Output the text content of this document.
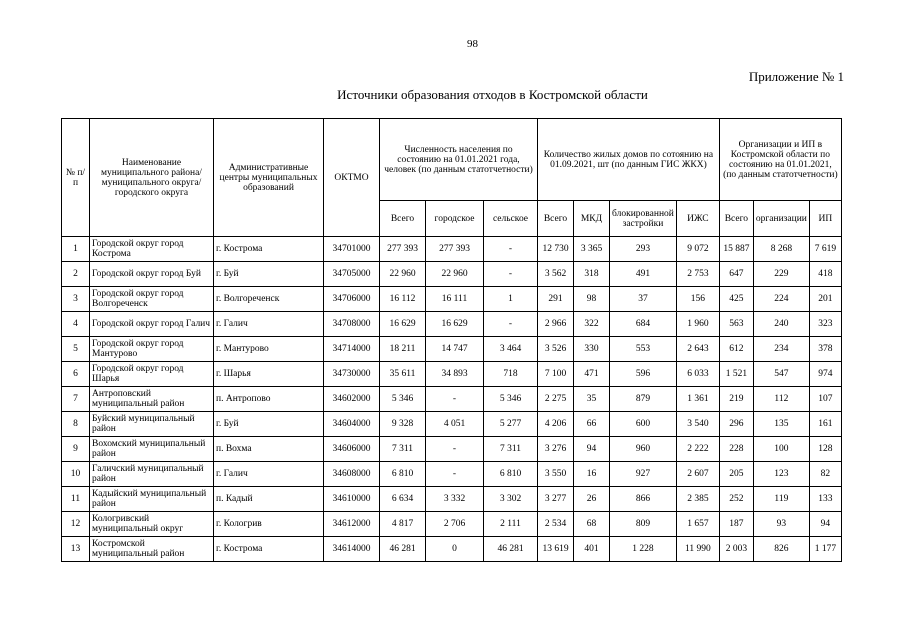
98
Приложение № 1
Источники образования отходов в Костромской области
№ п/п	Наименование муниципального района/ муниципального округа/ городского округа	Административные центры муниципальных образований	ОКТМО	Численность населения по состоянию на 01.01.2021 года, человек (по данным статотчетности)			Количество жилых домов по сотоянию на 01.09.2021, шт (по данным ГИС ЖКХ)				Организации и ИП в Костромской области по состоянию на 01.01.2021, (по данным статотчетности)		
				Всего	городское	сельское	Всего	МКД	блокированной застройки	ИЖС	Всего	организации	ИП
1	Городской округ город Кострома	г. Кострома	34701000	277 393	277 393	-	12 730	3 365	293	9 072	15 887	8 268	7 619
2	Городской округ город Буй	г. Буй	34705000	22 960	22 960	-	3 562	318	491	2 753	647	229	418
3	Городской округ город Волгореченск	г. Волгореченск	34706000	16 112	16 111	1	291	98	37	156	425	224	201
4	Городской округ город Галич	г. Галич	34708000	16 629	16 629	-	2 966	322	684	1 960	563	240	323
5	Городской округ город Мантурово	г. Мантурово	34714000	18 211	14 747	3 464	3 526	330	553	2 643	612	234	378
6	Городской округ город Шарья	г. Шарья	34730000	35 611	34 893	718	7 100	471	596	6 033	1 521	547	974
7	Антроповский муниципальный район	п. Антропово	34602000	5 346	-	5 346	2 275	35	879	1 361	219	112	107
8	Буйский муниципальный район	г. Буй	34604000	9 328	4 051	5 277	4 206	66	600	3 540	296	135	161
9	Вохомский муниципальный район	п. Вохма	34606000	7 311	-	7 311	3 276	94	960	2 222	228	100	128
10	Галичский муниципальный район	г. Галич	34608000	6 810	-	6 810	3 550	16	927	2 607	205	123	82
11	Кадыйский муниципальный район	п. Кадый	34610000	6 634	3 332	3 302	3 277	26	866	2 385	252	119	133
12	Кологривский муниципальный округ	г. Кологрив	34612000	4 817	2 706	2 111	2 534	68	809	1 657	187	93	94
13	Костромской муниципальный район	г. Кострома	34614000	46 281	0	46 281	13 619	401	1 228	11 990	2 003	826	1 177
